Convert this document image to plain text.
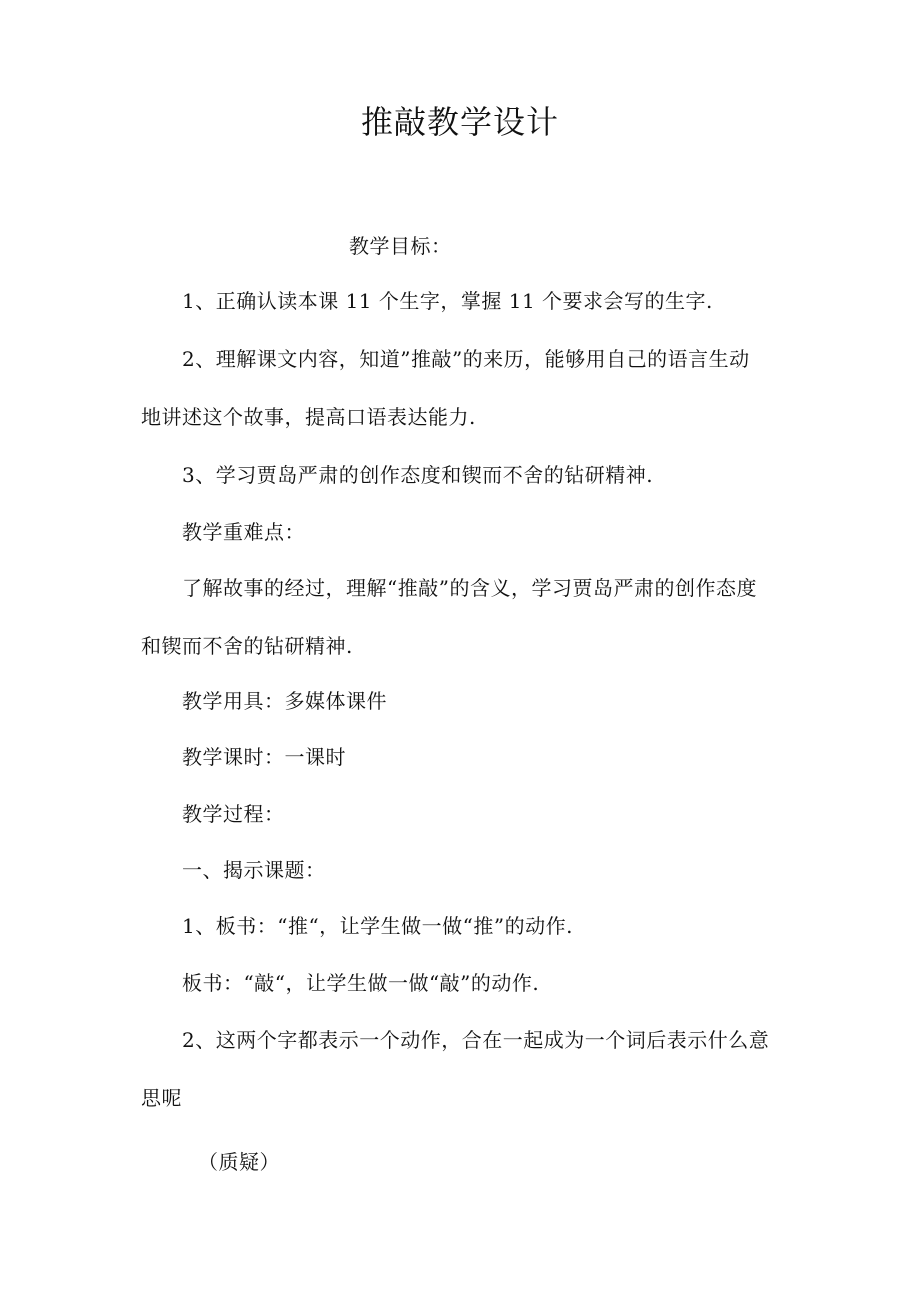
推敲教学设计
教学目标：
1、正确认读本课 11 个生字，掌握 11 个要求会写的生字.
2、理解课文内容，知道”推敲”的来历，能够用自己的语言生动
地讲述这个故事，提高口语表达能力.
3、学习贾岛严肃的创作态度和锲而不舍的钻研精神.
教学重难点：
了解故事的经过，理解“推敲”的含义，学习贾岛严肃的创作态度
和锲而不舍的钻研精神.
教学用具：多媒体课件
教学课时：一课时
教学过程：
一、揭示课题：
1、板书：“推“，让学生做一做“推”的动作.
板书：“敲“，让学生做一做“敲”的动作.
2、这两个字都表示一个动作，合在一起成为一个词后表示什么意
思呢
（质疑）
